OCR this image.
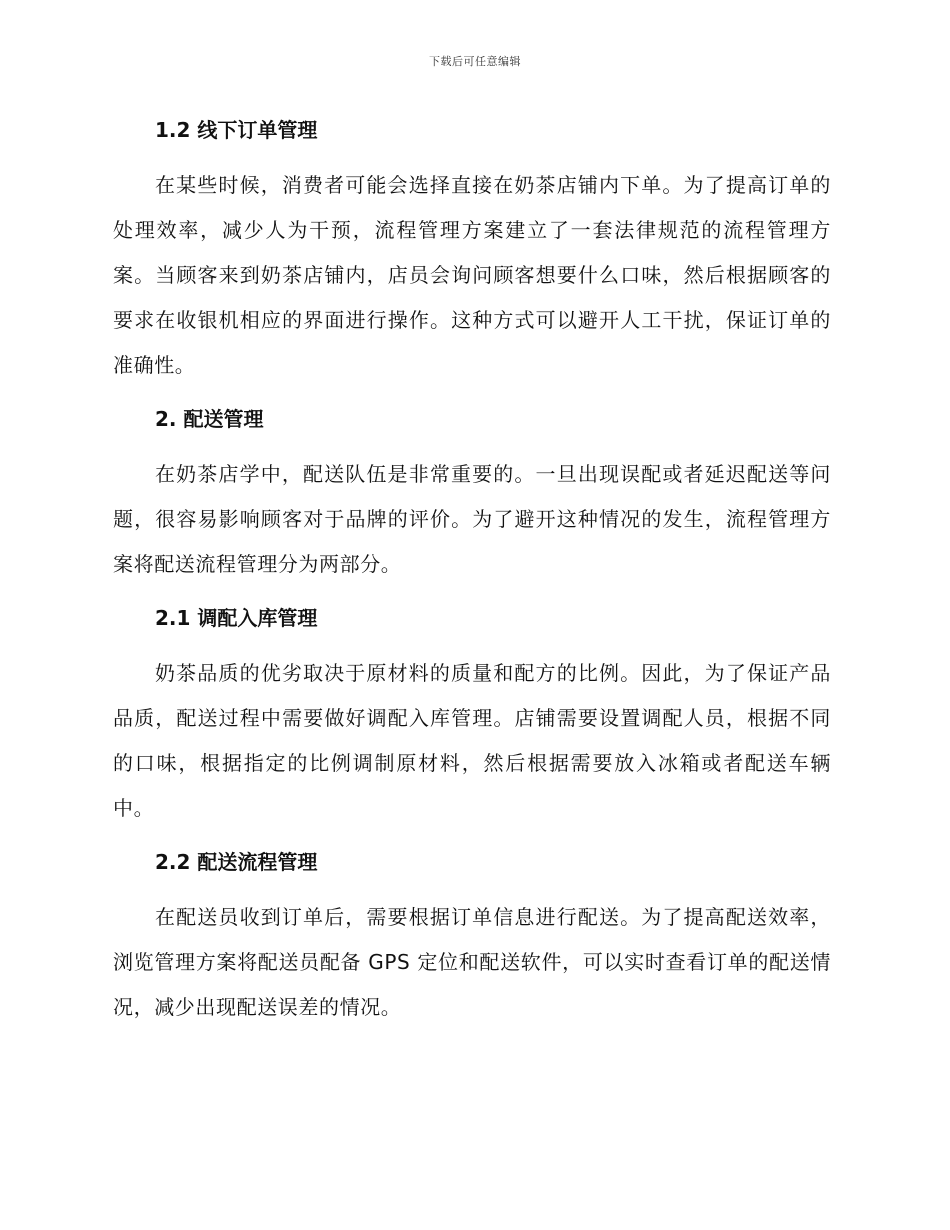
下载后可任意编辑
1.2 线下订单管理

在某些时候，消费者可能会选择直接在奶茶店铺内下单。为了提高订单的处理效率，减少人为干预，流程管理方案建立了一套法律规范的流程管理方案。当顾客来到奶茶店铺内，店员会询问顾客想要什么口味，然后根据顾客的要求在收银机相应的界面进行操作。这种方式可以避开人工干扰，保证订单的准确性。

2. 配送管理

在奶茶店学中，配送队伍是非常重要的。一旦出现误配或者延迟配送等问题，很容易影响顾客对于品牌的评价。为了避开这种情况的发生，流程管理方案将配送流程管理分为两部分。

2.1 调配入库管理

奶茶品质的优劣取决于原材料的质量和配方的比例。因此，为了保证产品品质，配送过程中需要做好调配入库管理。店铺需要设置调配人员，根据不同的口味，根据指定的比例调制原材料，然后根据需要放入冰箱或者配送车辆中。

2.2 配送流程管理

在配送员收到订单后，需要根据订单信息进行配送。为了提高配送效率，浏览管理方案将配送员配备 GPS 定位和配送软件，可以实时查看订单的配送情况，减少出现配送误差的情况。
